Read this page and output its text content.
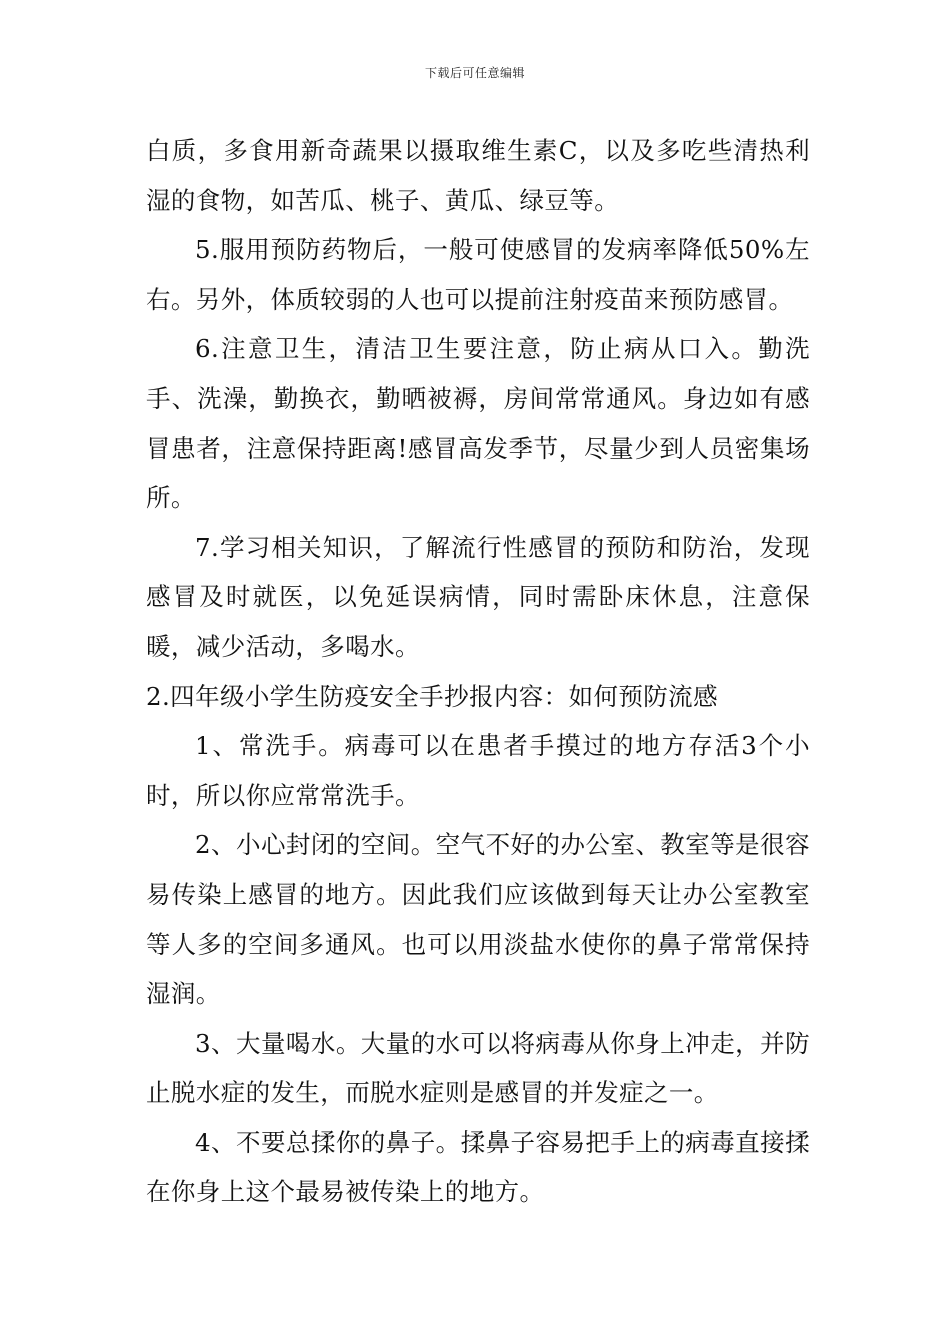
下载后可任意编辑

白质，多食用新奇蔬果以摄取维生素C，以及多吃些清热利湿的食物，如苦瓜、桃子、黄瓜、绿豆等。

5.服用预防药物后，一般可使感冒的发病率降低50%左右。另外，体质较弱的人也可以提前注射疫苗来预防感冒。

6.注意卫生，清洁卫生要注意，防止病从口入。勤洗手、洗澡，勤换衣，勤晒被褥，房间常常通风。身边如有感冒患者，注意保持距离!感冒高发季节，尽量少到人员密集场所。

7.学习相关知识，了解流行性感冒的预防和防治，发现感冒及时就医，以免延误病情，同时需卧床休息，注意保暖，减少活动，多喝水。

2.四年级小学生防疫安全手抄报内容：如何预防流感

1、常洗手。病毒可以在患者手摸过的地方存活3个小时，所以你应常常洗手。

2、小心封闭的空间。空气不好的办公室、教室等是很容易传染上感冒的地方。因此我们应该做到每天让办公室教室等人多的空间多通风。也可以用淡盐水使你的鼻子常常保持湿润。

3、大量喝水。大量的水可以将病毒从你身上冲走，并防止脱水症的发生，而脱水症则是感冒的并发症之一。

4、不要总揉你的鼻子。揉鼻子容易把手上的病毒直接揉在你身上这个最易被传染上的地方。
